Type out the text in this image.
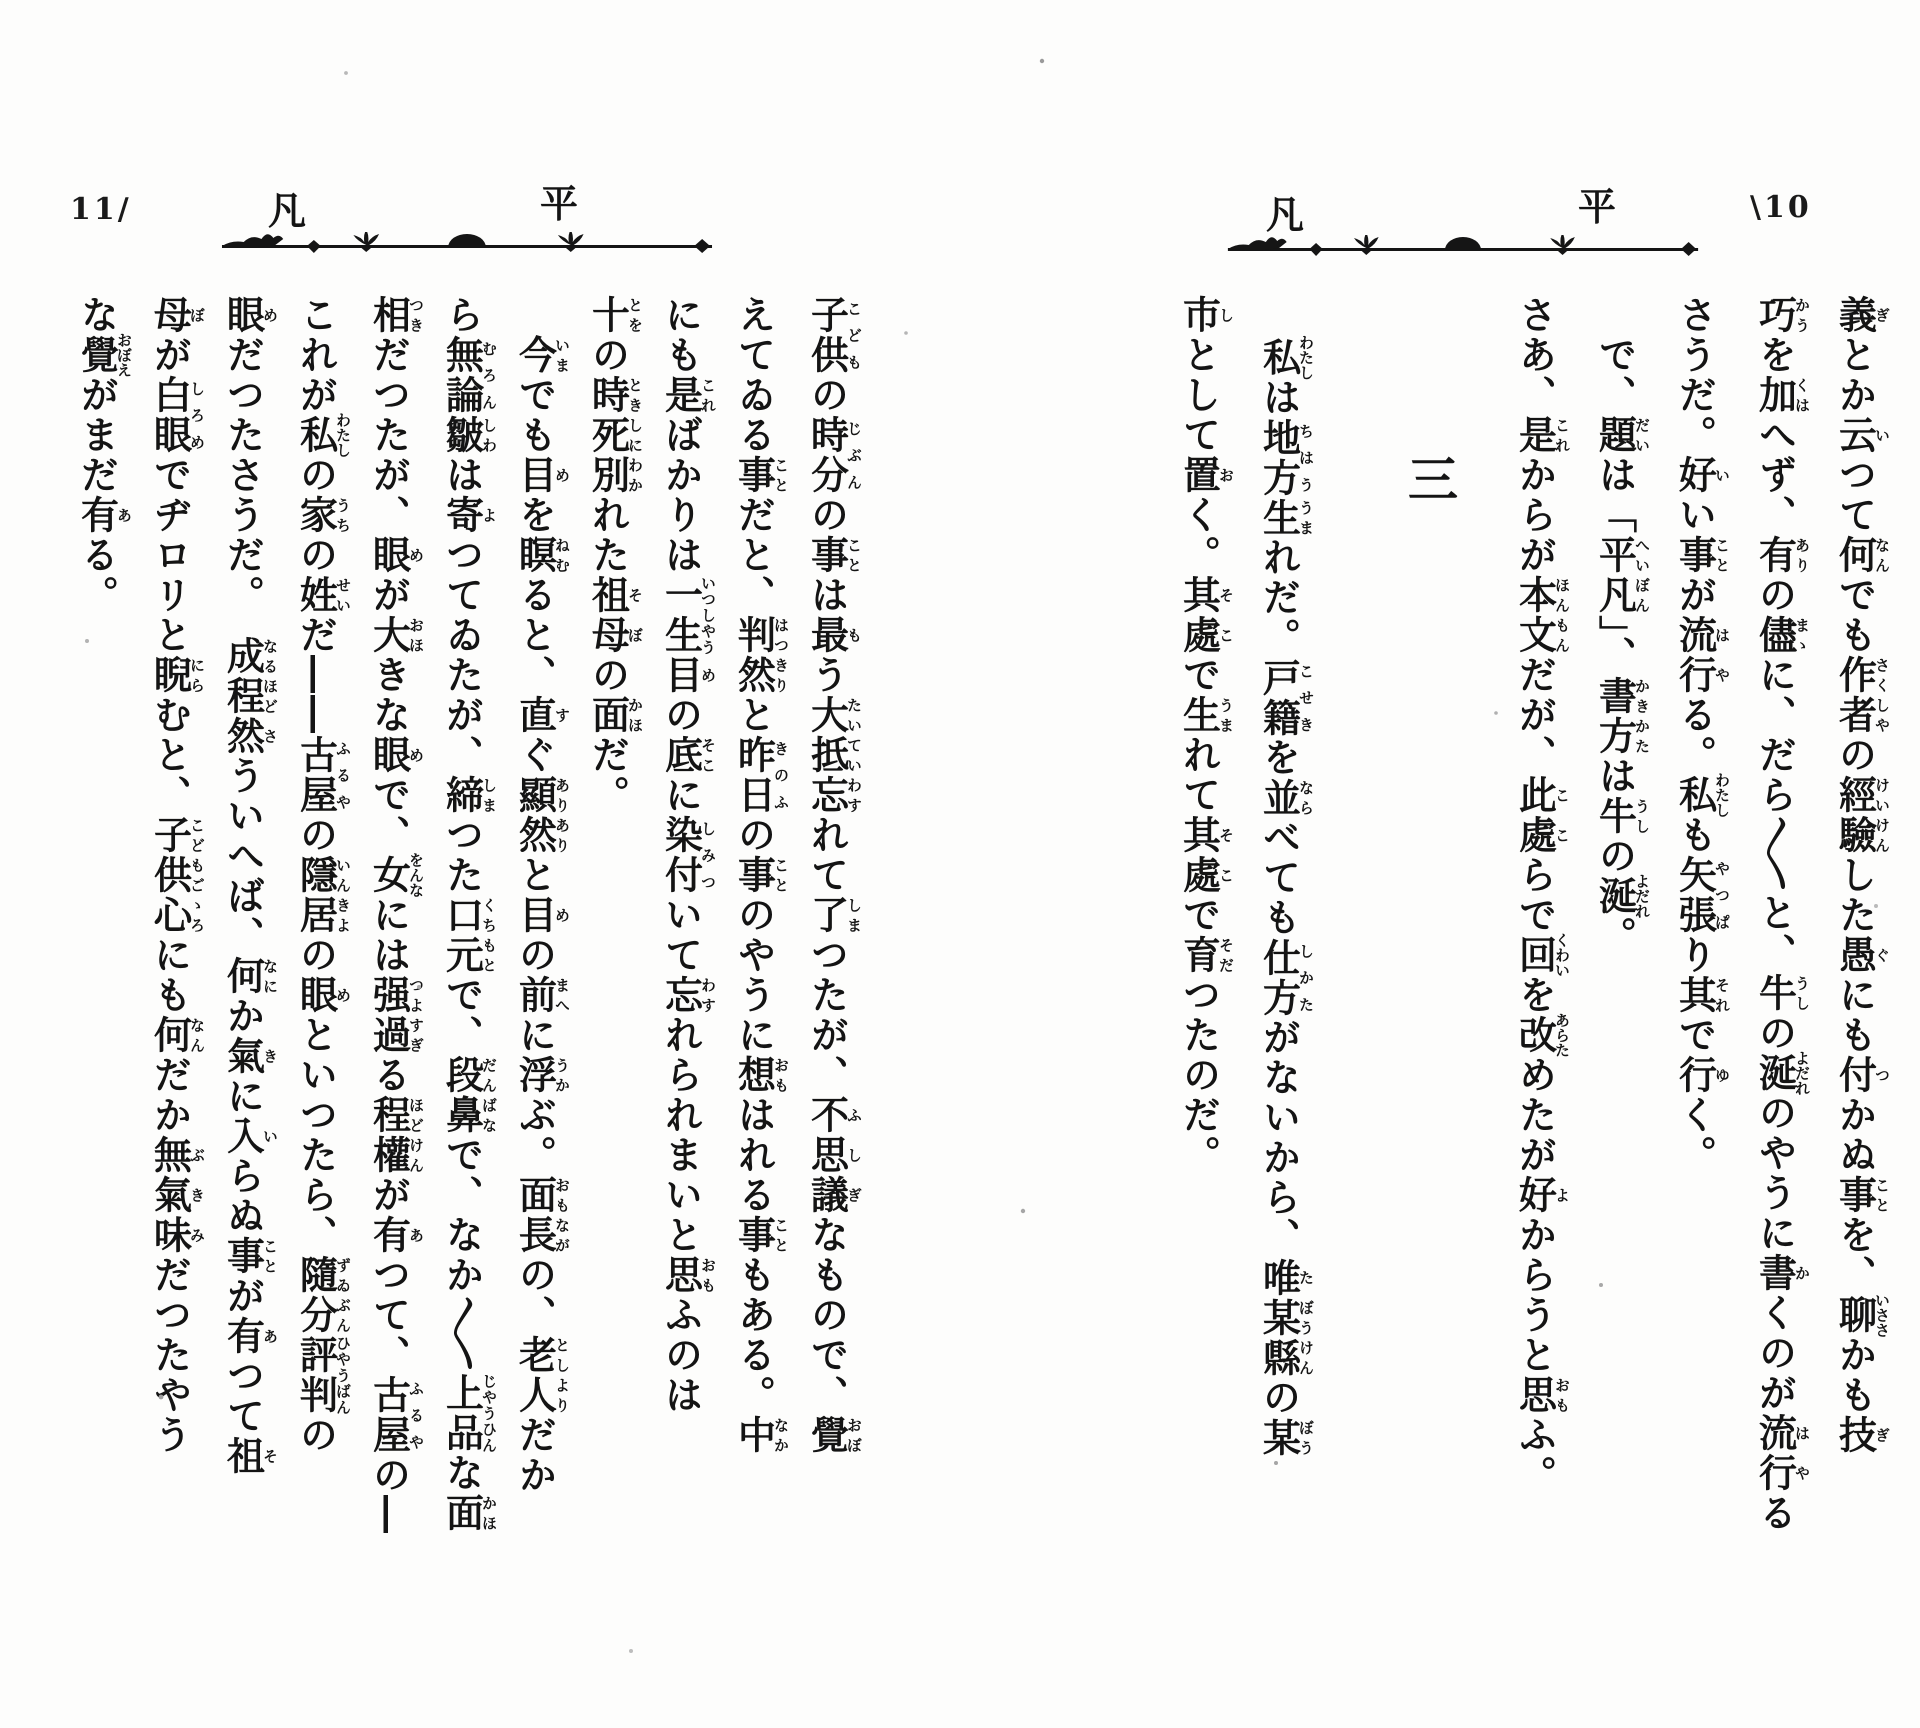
11/	凡	平	凡	平	\10

子供こどもの時分じぶんの事ことは最もう大抵たいてい忘わすれて了しまつたが、不思議ふしぎなもので、覺おぼ

えてゐる事ことだと、判然はつきりと昨日きのふの事ことのやうに想おもはれる事こともある。中なか

にも是こればかりは一生いつしやう目めの底そこに染付しみついて忘わすれられまいと思おもふのは

十とをの時とき死別しにわかれた祖母そぼの面かほだ。

今いまでも目めを瞑ねむると、直すぐ顯然ありありと目めの前まへに浮うかぶ。面長おもながの、老人としよりだか

ら無論むろん皺しわは寄よつてゐたが、締しまつた口元くちもとで、段鼻だんばなで、なか〳〵上品じやうひんな面かほ

相つきだつたが、眼めが大おほきな眼めで、女をんなには强過つよすぎる程ほど權けんが有あつて、古屋ふるやの―

これが私わたしの家うちの姓せいだ――古屋ふるやの隱居いんきよの眼めといつたら、隨分ずゐぶん評判ひやうばんの

眼めだつたさうだ。　成程なるほど然さういへば、何なにか氣きに入いらぬ事ことが有あつて祖そ

母ぼが白眼しろめでヂロリと睨にらむと、子供心こどもごゝろにも何なんだか無氣味ぶきみだつたやう

な覺おぼえがまだ有ある。

義ぎとか云いつて何なんでも作者さくしやの經驗けいけんした愚ぐにも付つかぬ事ことを、聊いささかも技ぎ

巧かうを加くはへず、有ありの儘まゝに、だら〳〵と、牛うしの涎よだれのやうに書かくのが流行はやる

さうだ。好いい事ことが流行はやる。私わたしも矢張やつぱり其それで行ゆく。

で、題だいは「平凡へいぼん」、書方かきかたは牛うしの涎よだれ。

さあ、是これからが本文ほんもんだが、此處ここらで回くわいを改あらためたが好よからうと思おもふ。

三

私わたしは地方ちはう生うまれだ。戸籍こせきを並ならべても仕方しかたがないから、唯た某縣ぼうけんの某ぼう

市しとして置おく。其處そこで生うまれて其處そこで育そだつたのだ。
